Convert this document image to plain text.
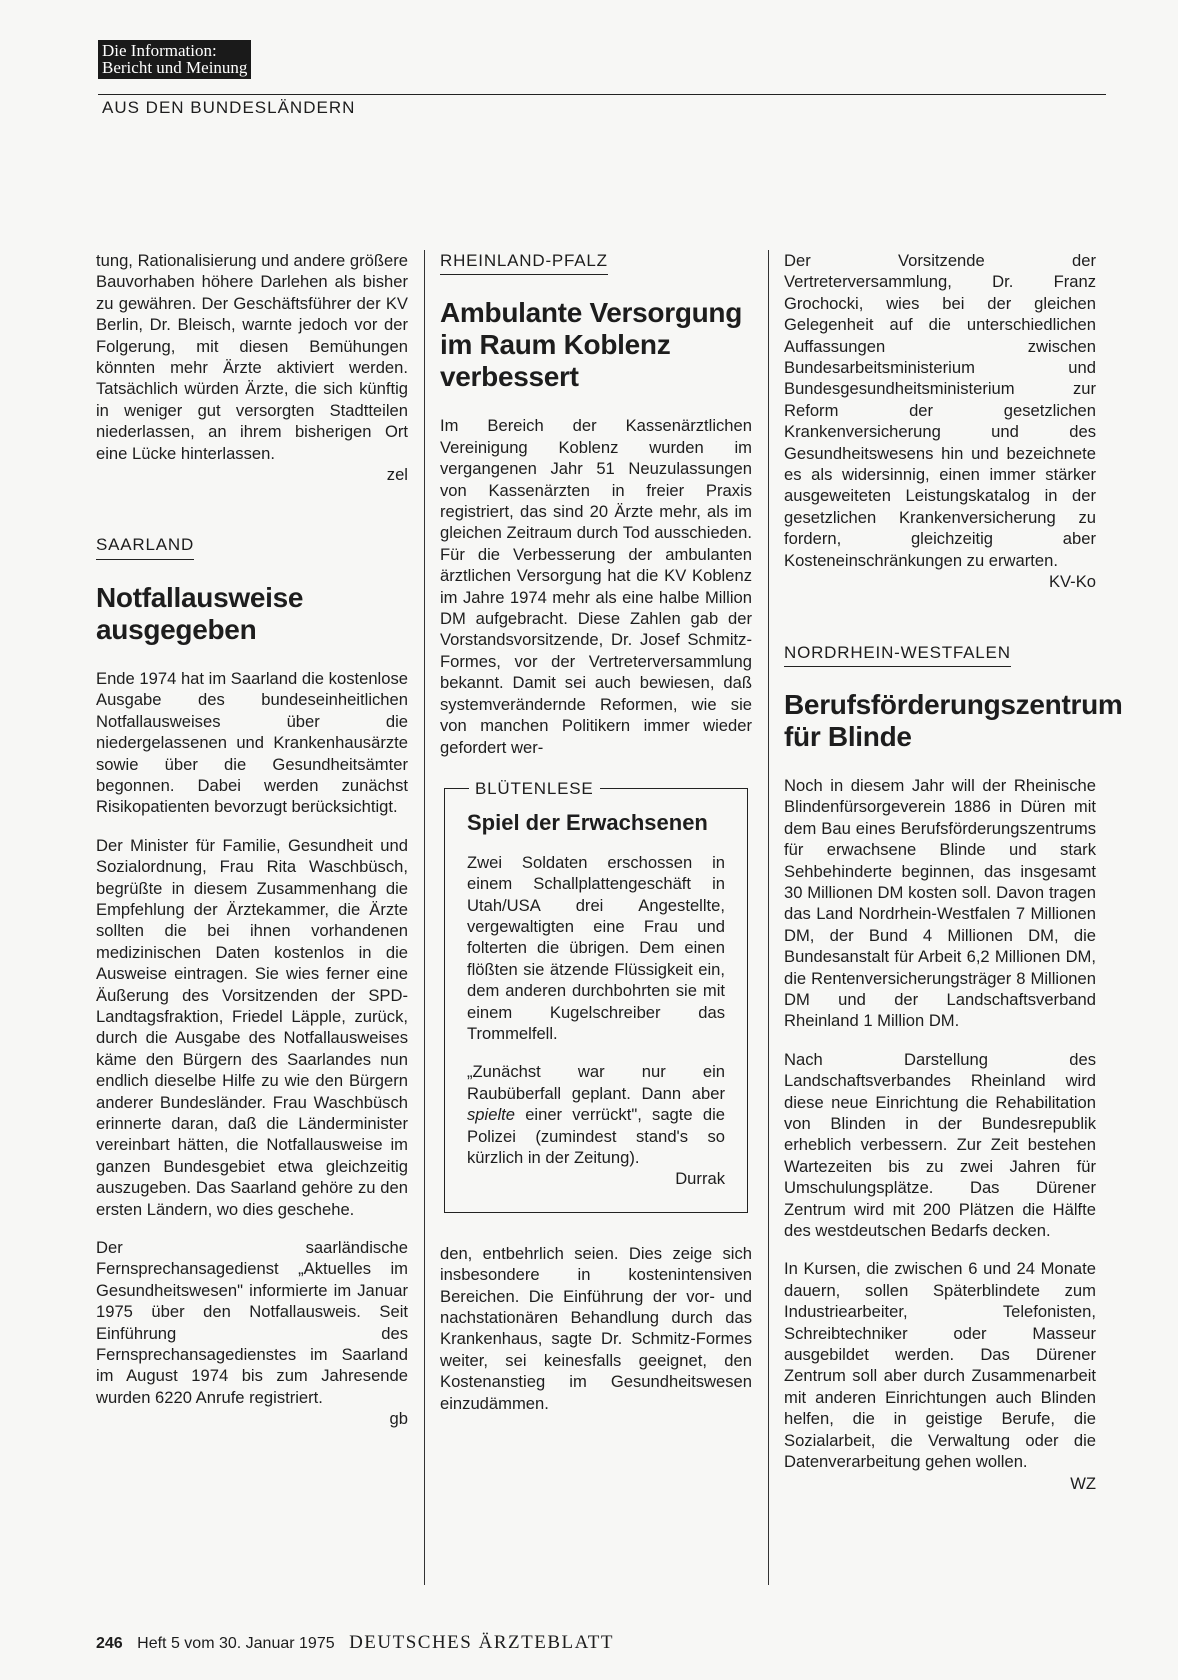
Die Information:
Bericht und Meinung
AUS DEN BUNDESLÄNDERN

tung, Rationalisierung und andere größere Bauvorhaben höhere Darlehen als bisher zu gewähren. Der Geschäftsführer der KV Berlin, Dr. Bleisch, warnte jedoch vor der Folgerung, mit diesen Bemühungen könnten mehr Ärzte aktiviert werden. Tatsächlich würden Ärzte, die sich künftig in weniger gut versorgten Stadtteilen niederlassen, an ihrem bisherigen Ort eine Lücke hinterlassen.
zel

SAARLAND
Notfallausweise ausgegeben

Ende 1974 hat im Saarland die kostenlose Ausgabe des bundeseinheitlichen Notfallausweises über die niedergelassenen und Krankenhausärzte sowie über die Gesundheitsämter begonnen. Dabei werden zunächst Risikopatienten bevorzugt berücksichtigt.

Der Minister für Familie, Gesundheit und Sozialordnung, Frau Rita Waschbüsch, begrüßte in diesem Zusammenhang die Empfehlung der Ärztekammer, die Ärzte sollten die bei ihnen vorhandenen medizinischen Daten kostenlos in die Ausweise eintragen. Sie wies ferner eine Äußerung des Vorsitzenden der SPD-Landtagsfraktion, Friedel Läpple, zurück, durch die Ausgabe des Notfallausweises käme den Bürgern des Saarlandes nun endlich dieselbe Hilfe zu wie den Bürgern anderer Bundesländer. Frau Waschbüsch erinnerte daran, daß die Länderminister vereinbart hätten, die Notfallausweise im ganzen Bundesgebiet etwa gleichzeitig auszugeben. Das Saarland gehöre zu den ersten Ländern, wo dies geschehe.

Der saarländische Fernsprechansagedienst „Aktuelles im Gesundheitswesen" informierte im Januar 1975 über den Notfallausweis. Seit Einführung des Fernsprechansagedienstes im Saarland im August 1974 bis zum Jahresende wurden 6220 Anrufe registriert.
gb

RHEINLAND-PFALZ
Ambulante Versorgung im Raum Koblenz verbessert

Im Bereich der Kassenärztlichen Vereinigung Koblenz wurden im vergangenen Jahr 51 Neuzulassungen von Kassenärzten in freier Praxis registriert, das sind 20 Ärzte mehr, als im gleichen Zeitraum durch Tod ausschieden. Für die Verbesserung der ambulanten ärztlichen Versorgung hat die KV Koblenz im Jahre 1974 mehr als eine halbe Million DM aufgebracht. Diese Zahlen gab der Vorstandsvorsitzende, Dr. Josef Schmitz-Formes, vor der Vertreterversammlung bekannt. Damit sei auch bewiesen, daß systemverändernde Reformen, wie sie von manchen Politikern immer wieder gefordert wer-

BLÜTENLESE
Spiel der Erwachsenen

Zwei Soldaten erschossen in einem Schallplattengeschäft in Utah/USA drei Angestellte, vergewaltigten eine Frau und folterten die übrigen. Dem einen flößten sie ätzende Flüssigkeit ein, dem anderen durchbohrten sie mit einem Kugelschreiber das Trommelfell.

„Zunächst war nur ein Raubüberfall geplant. Dann aber spielte einer verrückt", sagte die Polizei (zumindest stand's so kürzlich in der Zeitung).
Durrak

den, entbehrlich seien. Dies zeige sich insbesondere in kostenintensiven Bereichen. Die Einführung der vor- und nachstationären Behandlung durch das Krankenhaus, sagte Dr. Schmitz-Formes weiter, sei keinesfalls geeignet, den Kostenanstieg im Gesundheitswesen einzudämmen.

Der Vorsitzende der Vertreterversammlung, Dr. Franz Grochocki, wies bei der gleichen Gelegenheit auf die unterschiedlichen Auffassungen zwischen Bundesarbeitsministerium und Bundesgesundheitsministerium zur Reform der gesetzlichen Krankenversicherung und des Gesundheitswesens hin und bezeichnete es als widersinnig, einen immer stärker ausgeweiteten Leistungskatalog in der gesetzlichen Krankenversicherung zu fordern, gleichzeitig aber Kosteneinschränkungen zu erwarten.
KV-Ko

NORDRHEIN-WESTFALEN
Berufsförderungszentrum für Blinde

Noch in diesem Jahr will der Rheinische Blindenfürsorgeverein 1886 in Düren mit dem Bau eines Berufsförderungszentrums für erwachsene Blinde und stark Sehbehinderte beginnen, das insgesamt 30 Millionen DM kosten soll. Davon tragen das Land Nordrhein-Westfalen 7 Millionen DM, der Bund 4 Millionen DM, die Bundesanstalt für Arbeit 6,2 Millionen DM, die Rentenversicherungsträger 8 Millionen DM und der Landschaftsverband Rheinland 1 Million DM.

Nach Darstellung des Landschaftsverbandes Rheinland wird diese neue Einrichtung die Rehabilitation von Blinden in der Bundesrepublik erheblich verbessern. Zur Zeit bestehen Wartezeiten bis zu zwei Jahren für Umschulungsplätze. Das Dürener Zentrum wird mit 200 Plätzen die Hälfte des westdeutschen Bedarfs decken.

In Kursen, die zwischen 6 und 24 Monate dauern, sollen Späterblindete zum Industriearbeiter, Telefonisten, Schreibtechniker oder Masseur ausgebildet werden. Das Dürener Zentrum soll aber durch Zusammenarbeit mit anderen Einrichtungen auch Blinden helfen, die in geistige Berufe, die Sozialarbeit, die Verwaltung oder die Datenverarbeitung gehen wollen.
WZ

246 Heft 5 vom 30. Januar 1975 DEUTSCHES ÄRZTEBLATT
